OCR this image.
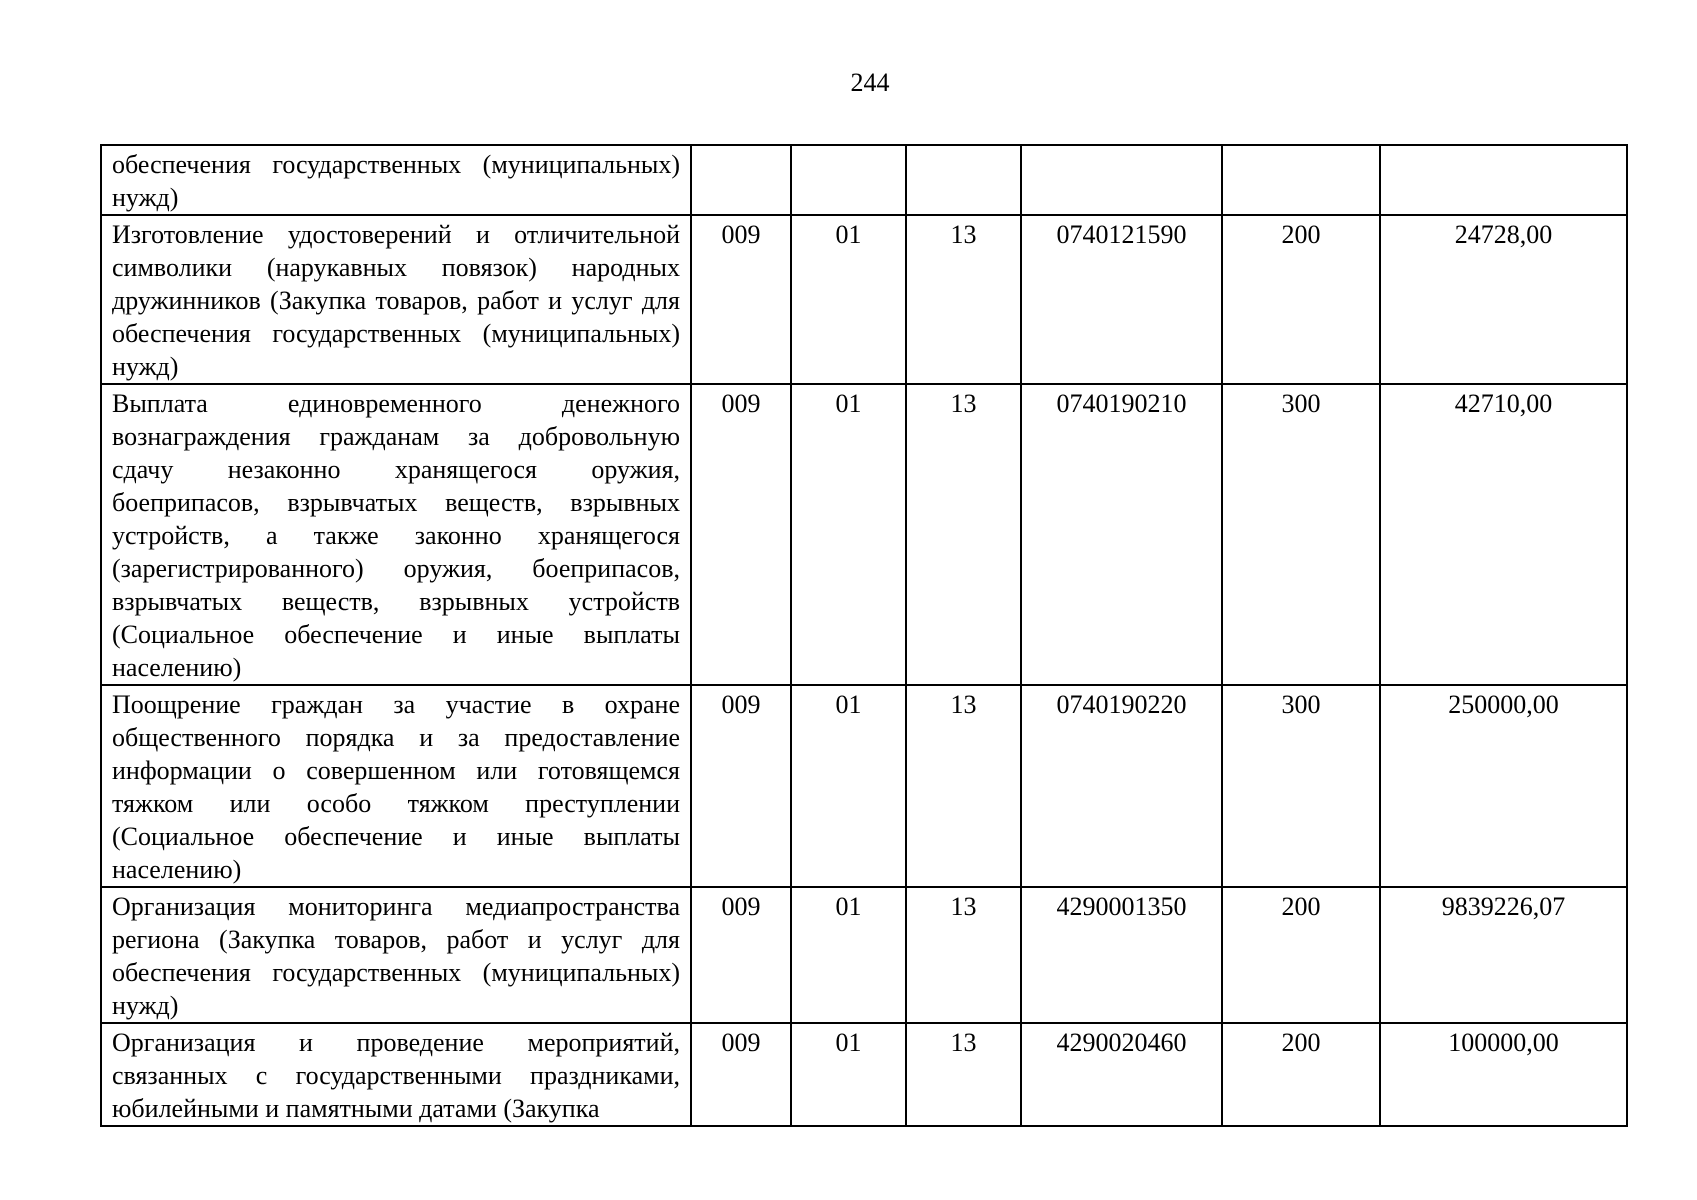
244
обеспечения государственных (муниципальных) нужд)						
Изготовление удостоверений и отличительной символики (нарукавных повязок) народных дружинников (Закупка товаров, работ и услуг для обеспечения государственных (муниципальных) нужд)	009	01	13	0740121590	200	24728,00
Выплата единовременного денежного вознаграждения гражданам за добровольную сдачу незаконно хранящегося оружия, боеприпасов, взрывчатых веществ, взрывных устройств, а также законно хранящегося (зарегистрированного) оружия, боеприпасов, взрывчатых веществ, взрывных устройств (Социальное обеспечение и иные выплаты населению)	009	01	13	0740190210	300	42710,00
Поощрение граждан за участие в охране общественного порядка и за предоставление информации о совершенном или готовящемся тяжком или особо тяжком преступлении (Социальное обеспечение и иные выплаты населению)	009	01	13	0740190220	300	250000,00
Организация мониторинга медиапространства региона (Закупка товаров, работ и услуг для обеспечения государственных (муниципальных) нужд)	009	01	13	4290001350	200	9839226,07
Организация и проведение мероприятий, связанных с государственными праздниками, юбилейными и памятными датами (Закупка	009	01	13	4290020460	200	100000,00
